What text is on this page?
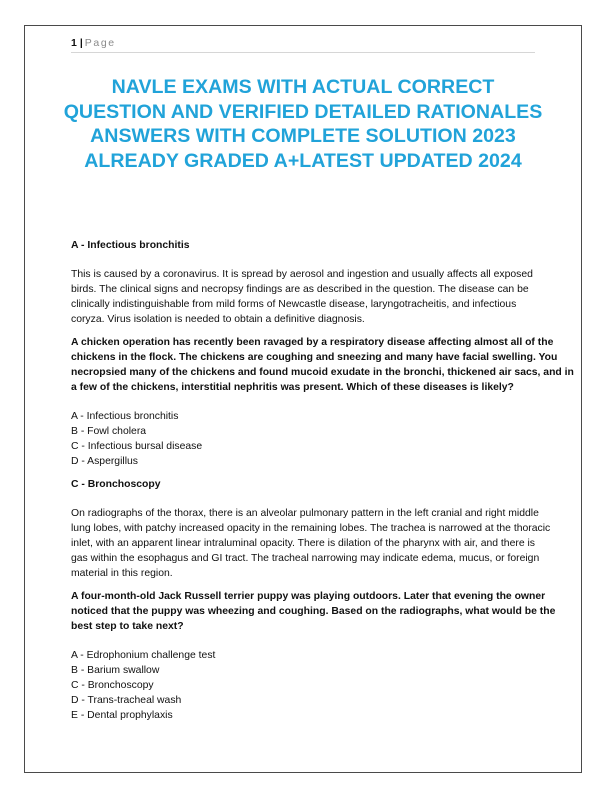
1 | Page
NAVLE EXAMS WITH ACTUAL CORRECT
QUESTION AND VERIFIED DETAILED RATIONALES
ANSWERS WITH COMPLETE SOLUTION 2023
ALREADY GRADED A+LATEST UPDATED 2024

A - Infectious bronchitis

This is caused by a coronavirus. It is spread by aerosol and ingestion and usually affects all exposed
birds. The clinical signs and necropsy findings are as described in the question. The disease can be
clinically indistinguishable from mild forms of Newcastle disease, laryngotracheitis, and infectious
coryza. Virus isolation is needed to obtain a definitive diagnosis.

A chicken operation has recently been ravaged by a respiratory disease affecting almost all of the
chickens in the flock. The chickens are coughing and sneezing and many have facial swelling. You
necropsied many of the chickens and found mucoid exudate in the bronchi, thickened air sacs, and in
a few of the chickens, interstitial nephritis was present. Which of these diseases is likely?

A - Infectious bronchitis
B - Fowl cholera
C - Infectious bursal disease
D - Aspergillus

C - Bronchoscopy

On radiographs of the thorax, there is an alveolar pulmonary pattern in the left cranial and right middle
lung lobes, with patchy increased opacity in the remaining lobes. The trachea is narrowed at the thoracic
inlet, with an apparent linear intraluminal opacity. There is dilation of the pharynx with air, and there is
gas within the esophagus and GI tract. The tracheal narrowing may indicate edema, mucus, or foreign
material in this region.

A four-month-old Jack Russell terrier puppy was playing outdoors. Later that evening the owner
noticed that the puppy was wheezing and coughing. Based on the radiographs, what would be the
best step to take next?

A - Edrophonium challenge test
B - Barium swallow
C - Bronchoscopy
D - Trans-tracheal wash
E - Dental prophylaxis
